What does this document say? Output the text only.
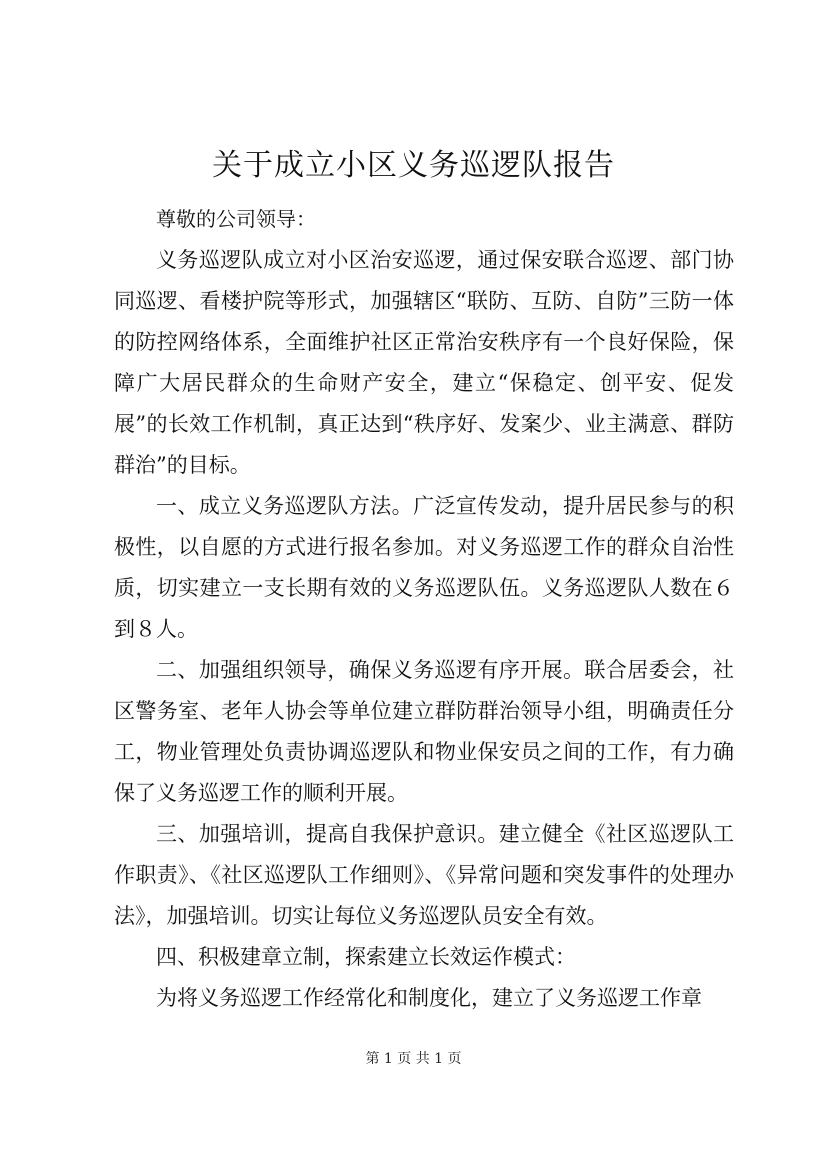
关于成立小区义务巡逻队报告

尊敬的公司领导：

义务巡逻队成立对小区治安巡逻，通过保安联合巡逻、部门协同巡逻、看楼护院等形式，加强辖区“联防、互防、自防”三防一体的防控网络体系，全面维护社区正常治安秩序有一个良好保险，保障广大居民群众的生命财产安全，建立“保稳定、创平安、促发展”的长效工作机制，真正达到“秩序好、发案少、业主满意、群防群治”的目标。

一、成立义务巡逻队方法。广泛宣传发动，提升居民参与的积极性，以自愿的方式进行报名参加。对义务巡逻工作的群众自治性质，切实建立一支长期有效的义务巡逻队伍。义务巡逻队人数在６到８人。

二、加强组织领导，确保义务巡逻有序开展。联合居委会，社区警务室、老年人协会等单位建立群防群治领导小组，明确责任分工，物业管理处负责协调巡逻队和物业保安员之间的工作，有力确保了义务巡逻工作的顺利开展。

三、加强培训，提高自我保护意识。建立健全《社区巡逻队工作职责》、《社区巡逻队工作细则》、《异常问题和突发事件的处理办法》，加强培训。切实让每位义务巡逻队员安全有效。

四、积极建章立制，探索建立长效运作模式：

为将义务巡逻工作经常化和制度化，建立了义务巡逻工作章

第 1 页 共 1 页
